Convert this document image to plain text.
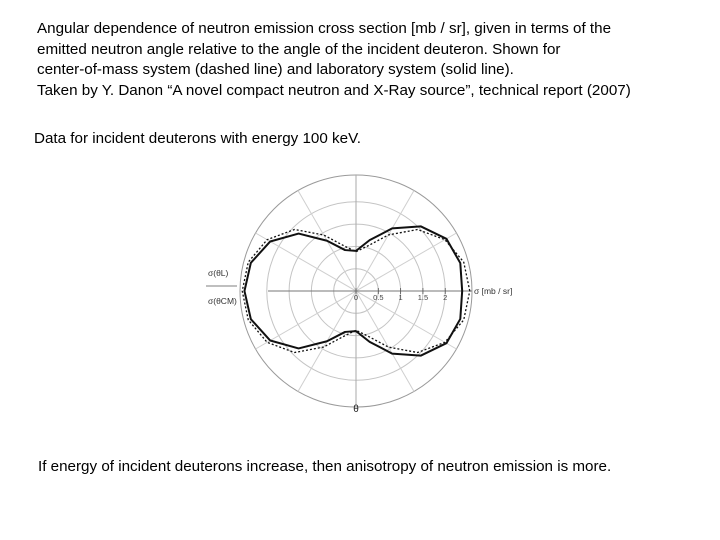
Angular dependence of neutron emission cross section [mb / sr], given in terms of the
emitted neutron angle relative to the angle of the incident deuteron. Shown for
center-of-mass system (dashed line) and laboratory system (solid line).
Taken by Y. Danon “A novel compact neutron and X-Ray source”, technical report (2007)

Data for incident deuterons with energy 100 keV.

0 0.5 1 1.5 2
σ [mb / sr]
θ
σ(θL)
σ(θCM)

If energy of incident deuterons increase, then anisotropy of neutron emission is more.
